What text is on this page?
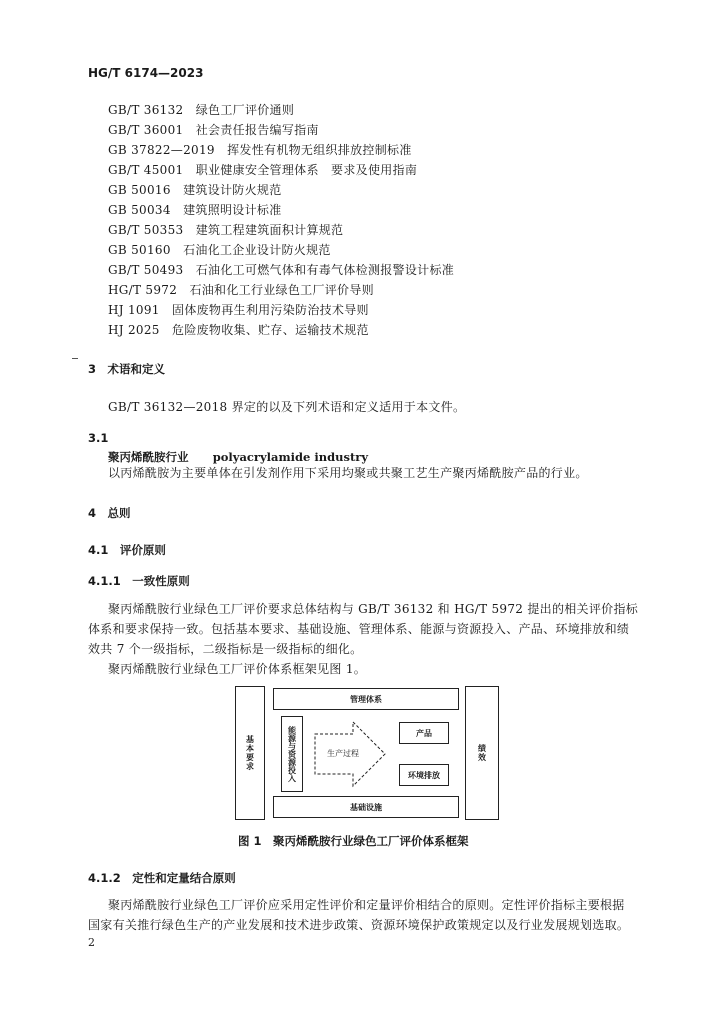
HG/T 6174—2023
GB/T 36132　绿色工厂评价通则
GB/T 36001　社会责任报告编写指南
GB 37822—2019　挥发性有机物无组织排放控制标准
GB/T 45001　职业健康安全管理体系　要求及使用指南
GB 50016　建筑设计防火规范
GB 50034　建筑照明设计标准
GB/T 50353　建筑工程建筑面积计算规范
GB 50160　石油化工企业设计防火规范
GB/T 50493　石油化工可燃气体和有毒气体检测报警设计标准
HG/T 5972　石油和化工行业绿色工厂评价导则
HJ 1091　固体废物再生利用污染防治技术导则
HJ 2025　危险废物收集、贮存、运输技术规范
3　术语和定义
GB/T 36132—2018 界定的以及下列术语和定义适用于本文件。
3.1
聚丙烯酰胺行业 polyacrylamide industry
以丙烯酰胺为主要单体在引发剂作用下采用均聚或共聚工艺生产聚丙烯酰胺产品的行业。
4　总则
4.1　评价原则
4.1.1　一致性原则
聚丙烯酰胺行业绿色工厂评价要求总体结构与 GB/T 36132 和 HG/T 5972 提出的相关评价指标
体系和要求保持一致。包括基本要求、基础设施、管理体系、能源与资源投入、产品、环境排放和绩
效共 7 个一级指标，二级指标是一级指标的细化。
聚丙烯酰胺行业绿色工厂评价体系框架见图 1。
基本要求
管理体系
能源与资源投入	生产过程
产品
环境排放
基础设施
绩效
图 1　聚丙烯酰胺行业绿色工厂评价体系框架
4.1.2　定性和定量结合原则
聚丙烯酰胺行业绿色工厂评价应采用定性评价和定量评价相结合的原则。定性评价指标主要根据
国家有关推行绿色生产的产业发展和技术进步政策、资源环境保护政策规定以及行业发展规划选取。
2
